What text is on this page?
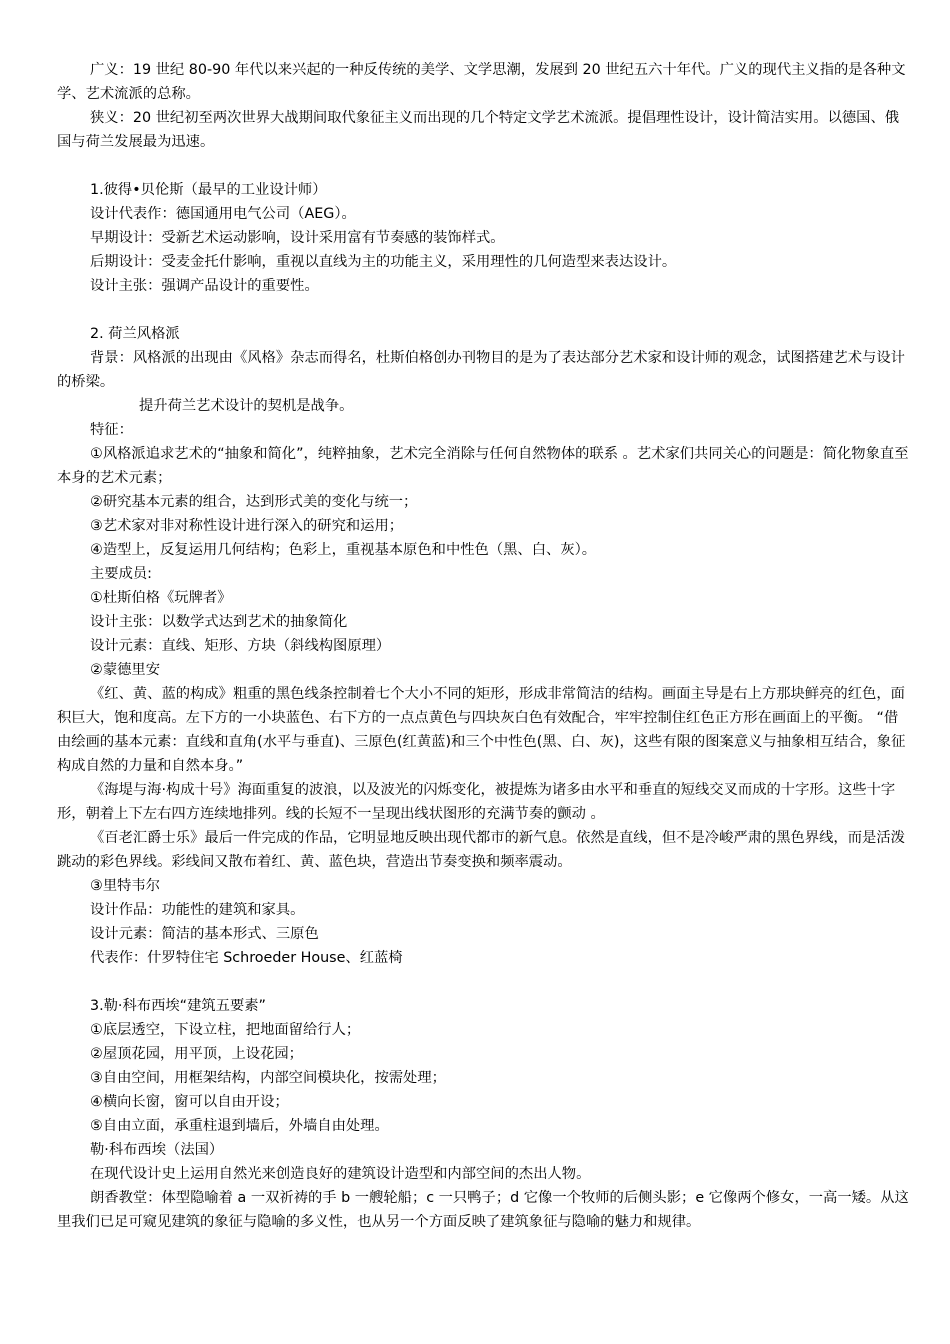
广义：19 世纪 80-90 年代以来兴起的一种反传统的美学、文学思潮，发展到 20 世纪五六十年代。广义的现代主义指的是各种文学、艺术流派的总称。

狭义：20 世纪初至两次世界大战期间取代象征主义而出现的几个特定文学艺术流派。提倡理性设计，设计简洁实用。以德国、俄国与荷兰发展最为迅速。

1.彼得•贝伦斯（最早的工业设计师）

设计代表作：德国通用电气公司（AEG）。

早期设计：受新艺术运动影响，设计采用富有节奏感的装饰样式。

后期设计：受麦金托什影响，重视以直线为主的功能主义，采用理性的几何造型来表达设计。

设计主张：强调产品设计的重要性。

2. 荷兰风格派

背景：风格派的出现由《风格》杂志而得名，杜斯伯格创办刊物目的是为了表达部分艺术家和设计师的观念，试图搭建艺术与设计的桥梁。

提升荷兰艺术设计的契机是战争。

特征：

①风格派追求艺术的“抽象和简化”，纯粹抽象，艺术完全消除与任何自然物体的联系 。艺术家们共同关心的问题是：简化物象直至本身的艺术元素；

②研究基本元素的组合，达到形式美的变化与统一；

③艺术家对非对称性设计进行深入的研究和运用；

④造型上，反复运用几何结构；色彩上，重视基本原色和中性色（黑、白、灰）。

主要成员:

①杜斯伯格《玩牌者》

设计主张：以数学式达到艺术的抽象简化

设计元素：直线、矩形、方块（斜线构图原理）

②蒙德里安

《红、黄、蓝的构成》粗重的黑色线条控制着七个大小不同的矩形，形成非常简洁的结构。画面主导是右上方那块鲜亮的红色，面积巨大，饱和度高。左下方的一小块蓝色、右下方的一点点黄色与四块灰白色有效配合，牢牢控制住红色正方形在画面上的平衡。 “借由绘画的基本元素：直线和直角(水平与垂直)、三原色(红黄蓝)和三个中性色(黑、白、灰)，这些有限的图案意义与抽象相互结合，象征构成自然的力量和自然本身。”

《海堤与海·构成十号》海面重复的波浪，以及波光的闪烁变化，被提炼为诸多由水平和垂直的短线交叉而成的十字形。这些十字形，朝着上下左右四方连续地排列。线的长短不一呈现出线状图形的充满节奏的颤动 。

《百老汇爵士乐》最后一件完成的作品，它明显地反映出现代都市的新气息。依然是直线，但不是冷峻严肃的黑色界线，而是活泼跳动的彩色界线。彩线间又散布着红、黄、蓝色块，营造出节奏变换和频率震动。

③里特韦尔

设计作品：功能性的建筑和家具。

设计元素：简洁的基本形式、三原色

代表作：什罗特住宅 Schroeder House、红蓝椅

3.勒·科布西埃“建筑五要素”

①底层透空，下设立柱，把地面留给行人；

②屋顶花园，用平顶，上设花园；

③自由空间，用框架结构，内部空间模块化，按需处理；

④横向长窗，窗可以自由开设；

⑤自由立面，承重柱退到墙后，外墙自由处理。

勒·科布西埃（法国）

在现代设计史上运用自然光来创造良好的建筑设计造型和内部空间的杰出人物。

朗香教堂：体型隐喻着 a 一双祈祷的手 b 一艘轮船；c 一只鸭子；d 它像一个牧师的后侧头影；e 它像两个修女，一高一矮。从这里我们已足可窥见建筑的象征与隐喻的多义性，也从另一个方面反映了建筑象征与隐喻的魅力和规律。
